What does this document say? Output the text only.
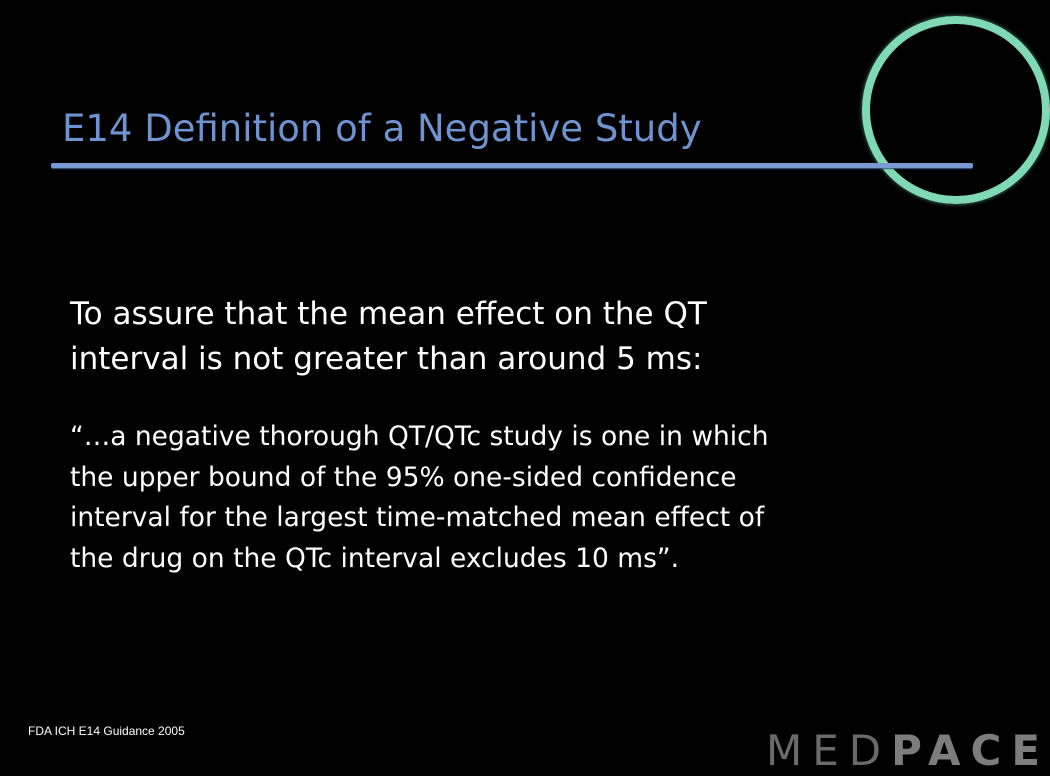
E14 Definition of a Negative Study

To assure that the mean effect on the QT
interval is not greater than around 5 ms:

“…a negative thorough QT/QTc study is one in which
the upper bound of the 95% one-sided confidence
interval for the largest time-matched mean effect of
the drug on the QTc interval excludes 10 ms”.

FDA ICH E14 Guidance 2005	MEDPACE
